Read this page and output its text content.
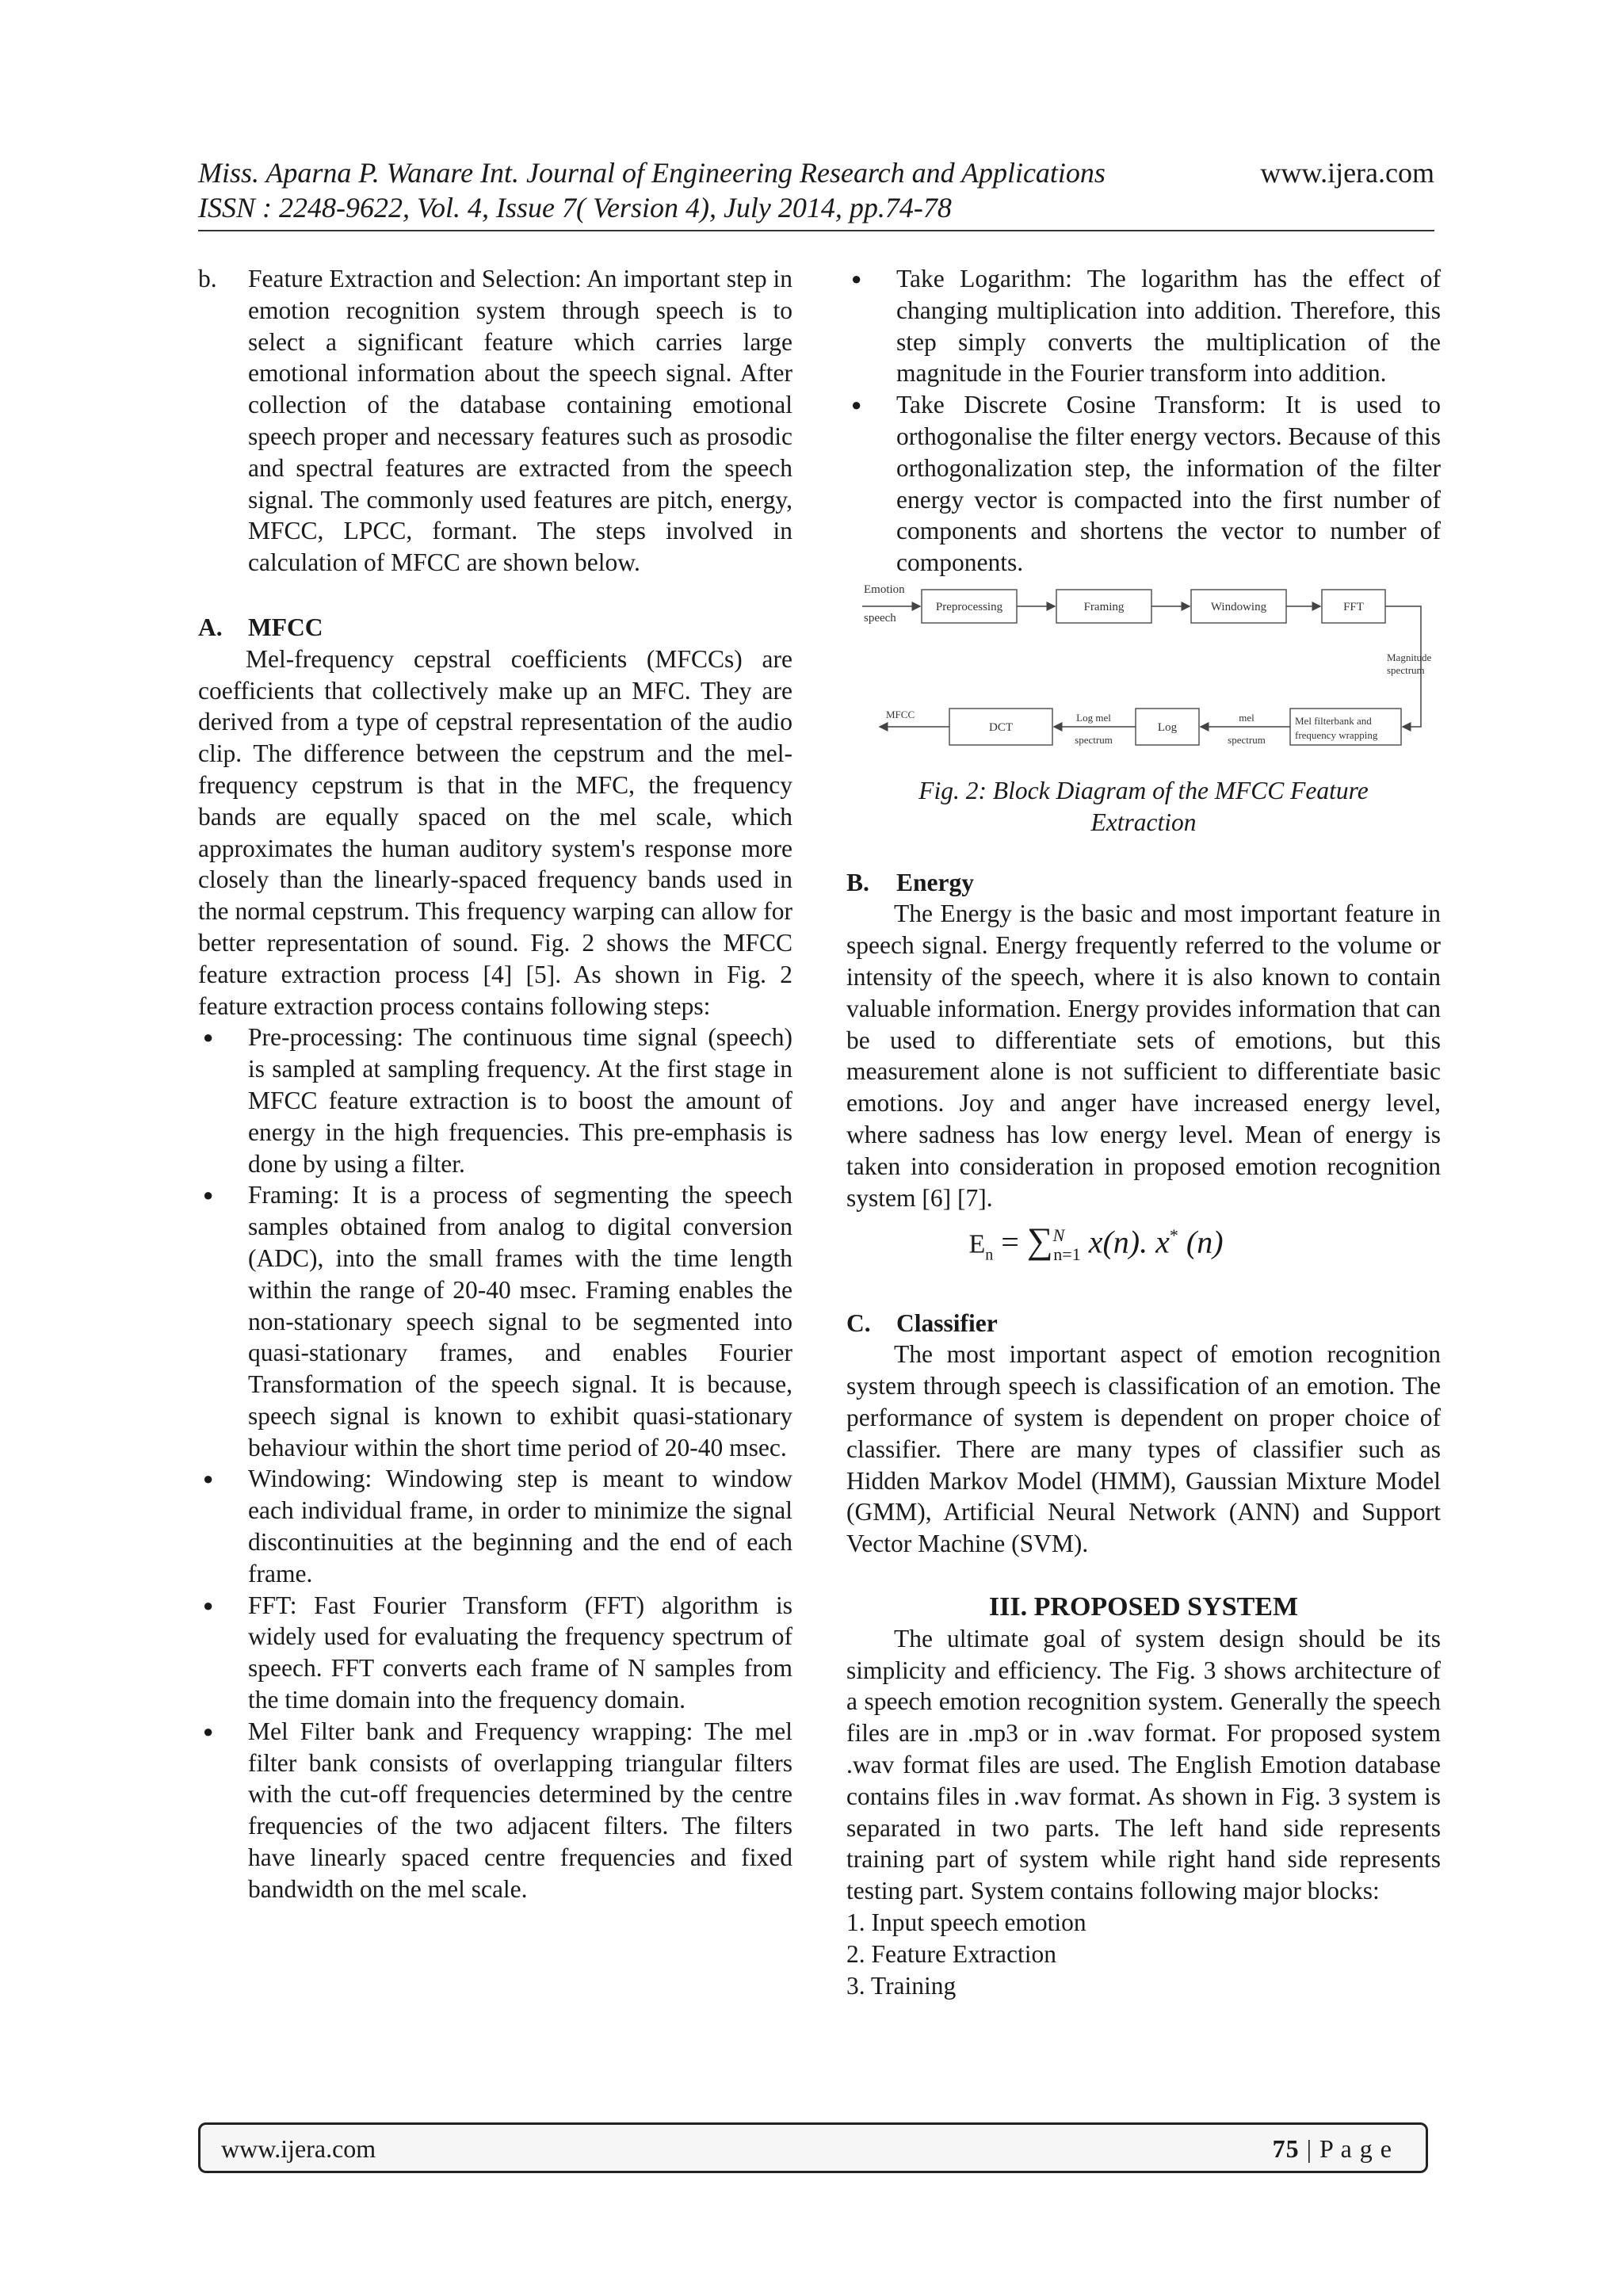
Miss. Aparna P. Wanare Int. Journal of Engineering Research and Applications	www.ijera.com
ISSN : 2248-9622, Vol. 4, Issue 7( Version 4), July 2014, pp.74-78

b. Feature Extraction and Selection: An important step in emotion recognition system through speech is to select a significant feature which carries large emotional information about the speech signal. After collection of the database containing emotional speech proper and necessary features such as prosodic and spectral features are extracted from the speech signal. The commonly used features are pitch, energy, MFCC, LPCC, formant. The steps involved in calculation of MFCC are shown below.

A. MFCC

Mel-frequency cepstral coefficients (MFCCs) are coefficients that collectively make up an MFC. They are derived from a type of cepstral representation of the audio clip. The difference between the cepstrum and the mel-frequency cepstrum is that in the MFC, the frequency bands are equally spaced on the mel scale, which approximates the human auditory system's response more closely than the linearly-spaced frequency bands used in the normal cepstrum. This frequency warping can allow for better representation of sound. Fig. 2 shows the MFCC feature extraction process [4] [5]. As shown in Fig. 2 feature extraction process contains following steps:

● Pre-processing: The continuous time signal (speech) is sampled at sampling frequency. At the first stage in MFCC feature extraction is to boost the amount of energy in the high frequencies. This pre-emphasis is done by using a filter.

● Framing: It is a process of segmenting the speech samples obtained from analog to digital conversion (ADC), into the small frames with the time length within the range of 20-40 msec. Framing enables the non-stationary speech signal to be segmented into quasi-stationary frames, and enables Fourier Transformation of the speech signal. It is because, speech signal is known to exhibit quasi-stationary behaviour within the short time period of 20-40 msec.

● Windowing: Windowing step is meant to window each individual frame, in order to minimize the signal discontinuities at the beginning and the end of each frame.

● FFT: Fast Fourier Transform (FFT) algorithm is widely used for evaluating the frequency spectrum of speech. FFT converts each frame of N samples from the time domain into the frequency domain.

● Mel Filter bank and Frequency wrapping: The mel filter bank consists of overlapping triangular filters with the cut-off frequencies determined by the centre frequencies of the two adjacent filters. The filters have linearly spaced centre frequencies and fixed bandwidth on the mel scale.

● Take Logarithm: The logarithm has the effect of changing multiplication into addition. Therefore, this step simply converts the multiplication of the magnitude in the Fourier transform into addition.

● Take Discrete Cosine Transform: It is used to orthogonalise the filter energy vectors. Because of this orthogonalization step, the information of the filter energy vector is compacted into the first number of components and shortens the vector to number of components.

Emotion
speech
Preprocessing	Framing	Windowing	FFT
Magnitude
spectrum
Mel filterbank and
frequency wrapping
mel
spectrum
Log
Log mel
spectrum
DCT
MFCC

Fig. 2: Block Diagram of the MFCC Feature
Extraction

B. Energy

The Energy is the basic and most important feature in speech signal. Energy frequently referred to the volume or intensity of the speech, where it is also known to contain valuable information. Energy provides information that can be used to differentiate sets of emotions, but this measurement alone is not sufficient to differentiate basic emotions. Joy and anger have increased energy level, where sadness has low energy level. Mean of energy is taken into consideration in proposed emotion recognition system [6] [7].

$E_n = \sum^N_{n=1}$ x(n). x* (n)

C. Classifier

The most important aspect of emotion recognition system through speech is classification of an emotion. The performance of system is dependent on proper choice of classifier. There are many types of classifier such as Hidden Markov Model (HMM), Gaussian Mixture Model (GMM), Artificial Neural Network (ANN) and Support Vector Machine (SVM).

III. PROPOSED SYSTEM

The ultimate goal of system design should be its simplicity and efficiency. The Fig. 3 shows architecture of a speech emotion recognition system. Generally the speech files are in .mp3 or in .wav format. For proposed system .wav format files are used. The English Emotion database contains files in .wav format. As shown in Fig. 3 system is separated in two parts. The left hand side represents training part of system while right hand side represents testing part. System contains following major blocks:

1. Input speech emotion

2. Feature Extraction

3. Training

www.ijera.com	75 | P a g e
